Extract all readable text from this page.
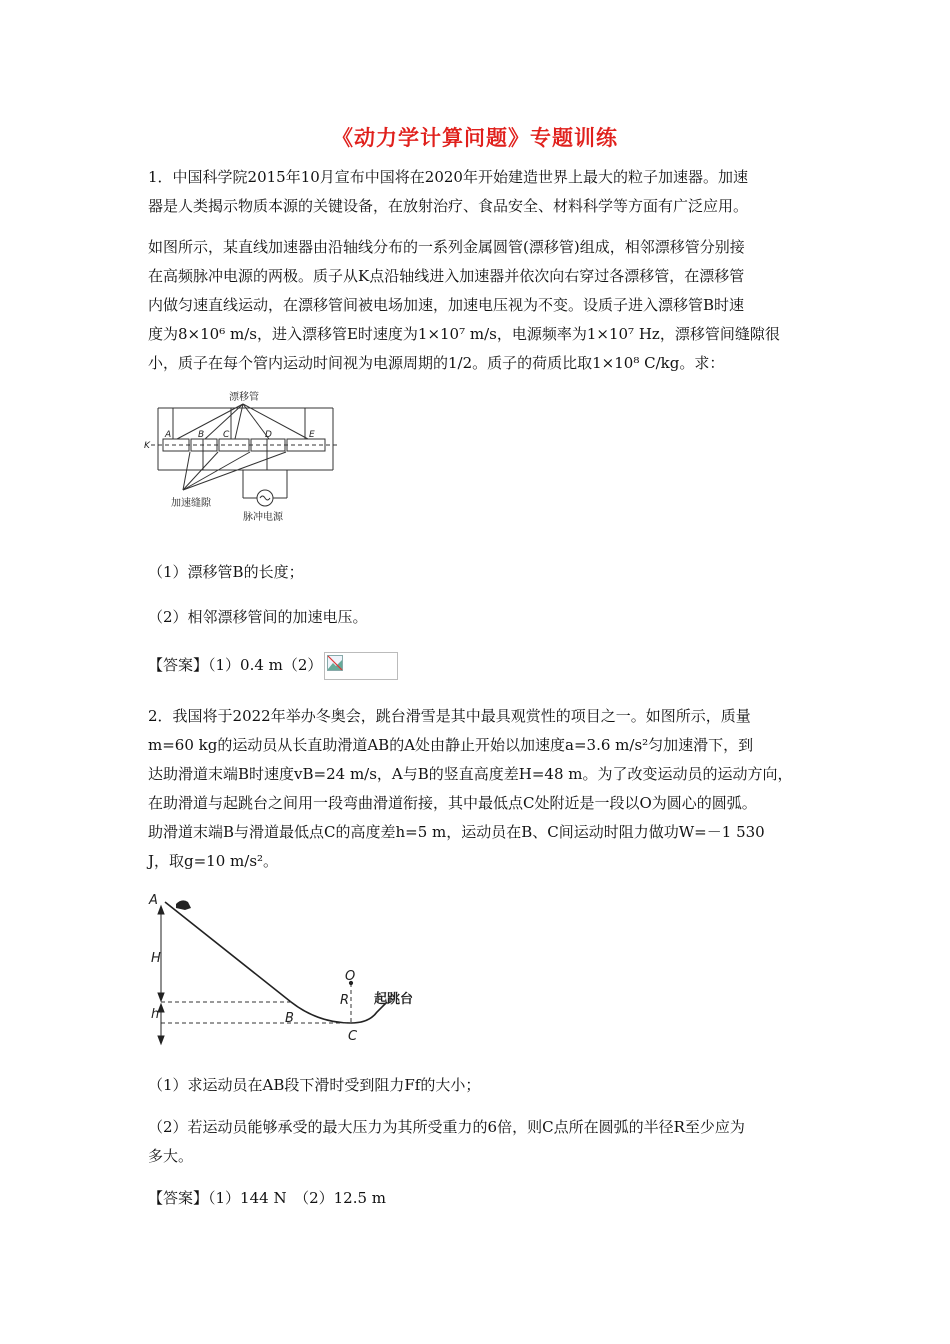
《动力学计算问题》专题训练
1．中国科学院2015年10月宣布中国将在2020年开始建造世界上最大的粒子加速器。加速
器是人类揭示物质本源的关键设备，在放射治疗、食品安全、材料科学等方面有广泛应用。
如图所示，某直线加速器由沿轴线分布的一系列金属圆管(漂移管)组成，相邻漂移管分别接
在高频脉冲电源的两极。质子从K点沿轴线进入加速器并依次向右穿过各漂移管，在漂移管
内做匀速直线运动，在漂移管间被电场加速，加速电压视为不变。设质子进入漂移管B时速
度为8×10⁶ m/s，进入漂移管E时速度为1×10⁷ m/s，电源频率为1×10⁷ Hz，漂移管间缝隙很
小，质子在每个管内运动时间视为电源周期的1/2。质子的荷质比取1×10⁸ C/kg。求：
K
A	B C	D	E
漂移管
加速缝隙
脉冲电源
（1）漂移管B的长度；
（2）相邻漂移管间的加速电压。
【答案】（1）0.4 m（2）
2．我国将于2022年举办冬奥会，跳台滑雪是其中最具观赏性的项目之一。如图所示，质量
m=60 kg的运动员从长直助滑道AB的A处由静止开始以加速度a=3.6 m/s²匀加速滑下，到
达助滑道末端B时速度vB=24 m/s，A与B的竖直高度差H=48 m。为了改变运动员的运动方向，
在助滑道与起跳台之间用一段弯曲滑道衔接，其中最低点C处附近是一段以O为圆心的圆弧。
助滑道末端B与滑道最低点C的高度差h=5 m，运动员在B、C间运动时阻力做功W=－1 530
J，取g=10 m/s²。
A
H
h	B
C
O
R 起跳台
（1）求运动员在AB段下滑时受到阻力Ff的大小；
（2）若运动员能够承受的最大压力为其所受重力的6倍，则C点所在圆弧的半径R至少应为
多大。
【答案】（1）144 N　（2）12.5 m
